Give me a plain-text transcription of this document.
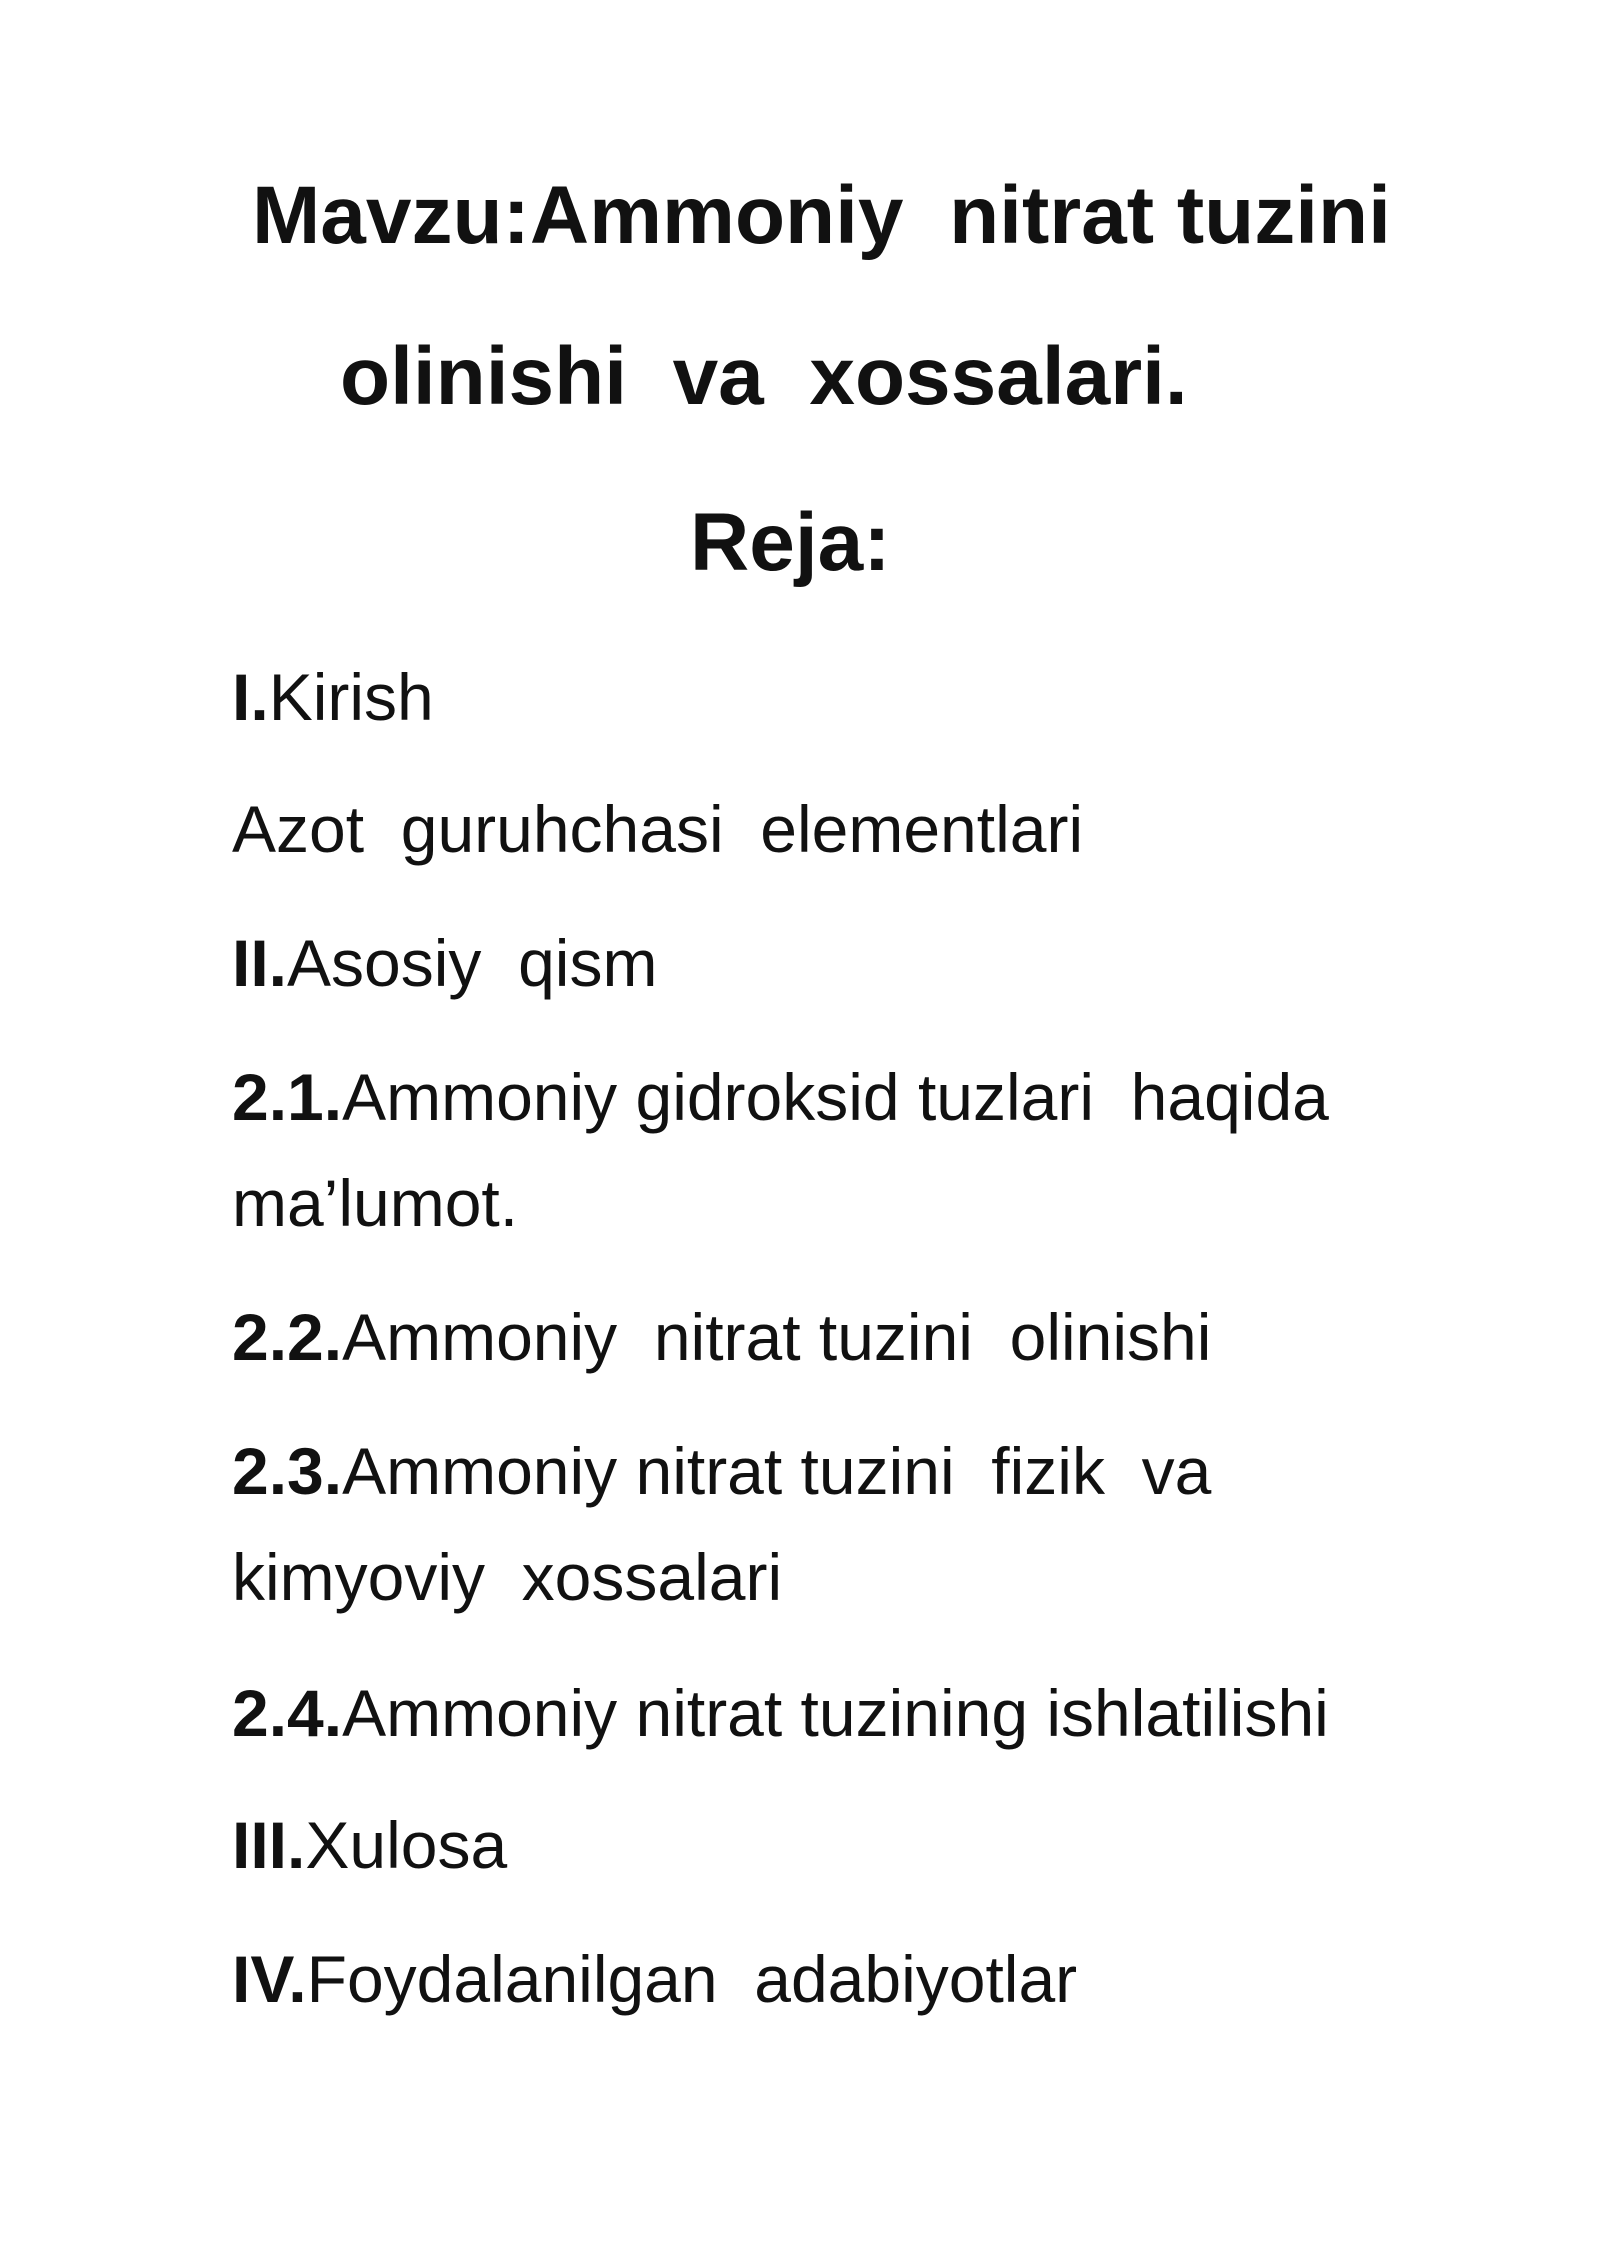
Mavzu:Ammoniy  nitrat tuzini
olinishi  va  xossalari.
Reja:

I.Kirish

Azot  guruhchasi  elementlari

II.Asosiy  qism

2.1.Ammoniy gidroksid tuzlari  haqida
ma’lumot.

2.2.Ammoniy  nitrat tuzini  olinishi

2.3.Ammoniy nitrat tuzini  fizik  va
kimyoviy  xossalari

2.4.Ammoniy nitrat tuzining ishlatilishi

III.Xulosa

IV.Foydalanilgan  adabiyotlar
